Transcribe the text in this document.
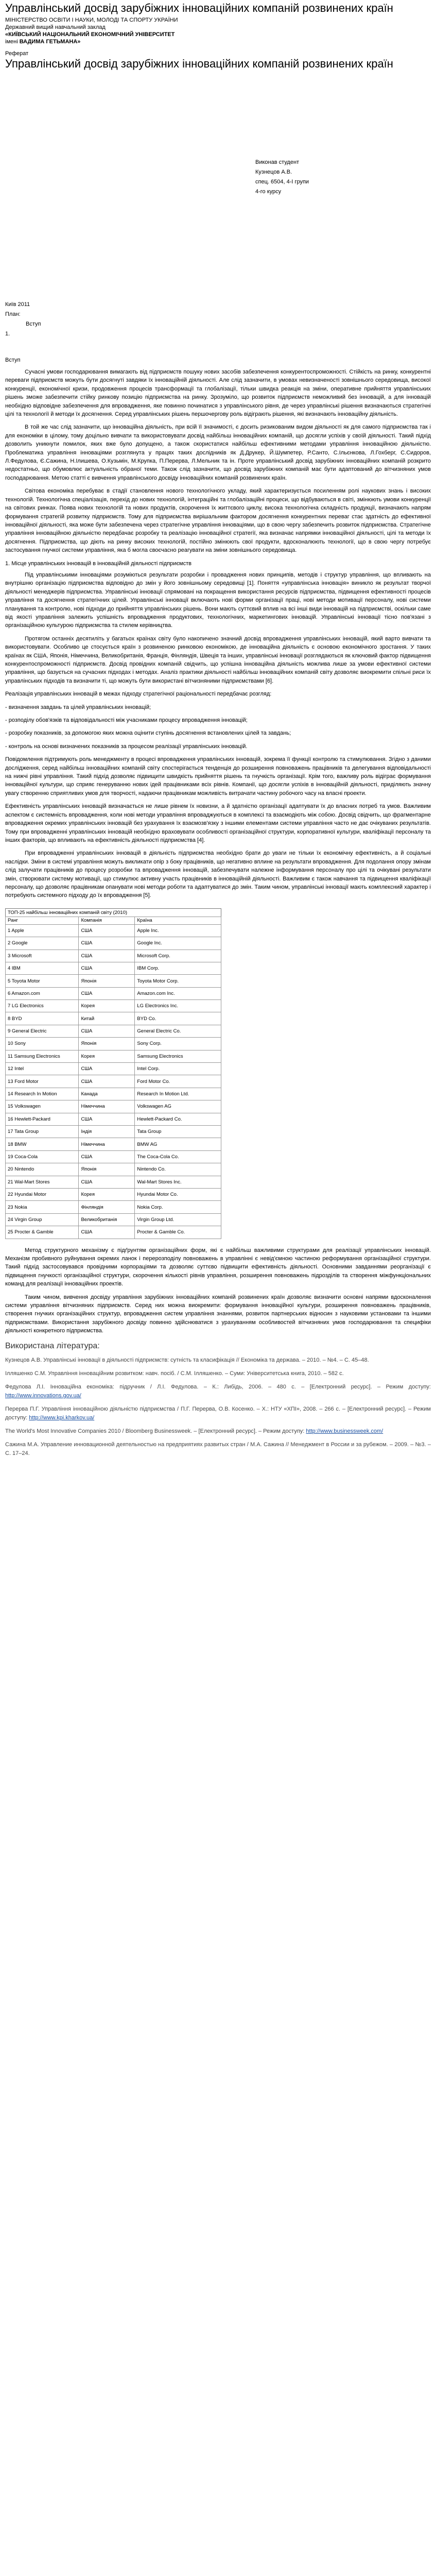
Управлінський досвід зарубіжних інноваційних компаній розвинених країн
МІНІСТЕРСТВО ОСВІТИ І НАУКИ, МОЛОДІ ТА СПОРТУ УКРАЇНИ
Державний вищий навчальний заклад
«КИЇВСЬКИЙ НАЦІОНАЛЬНИЙ ЕКОНОМІЧНИЙ УНІВЕРСИТЕТ
імені ВАДИМА ГЕТЬМАНА»
Реферат
Управлінський досвід зарубіжних інноваційних компаній розвинених країн
Виконав студент
Кузнецов А.В.
спец. 6504, 4-I групи
4-го курсу
Київ 2011
План:
Вступ
1.
Вступ

Сучасні умови господарювання вимагають від підприємств пошуку нових засобів забезпечення конкурентоспроможності. Стійкість на ринку, конкурентні переваги підприємств можуть бути досягнуті завдяки їх інноваційній діяльності. Але слід зазначити, в умовах невизначеності зовнішнього середовища, високої конкуренції, економічної кризи, продовження процесів трансформації та глобалізації, тільки швидка реакція на зміни, оперативне прийняття управлінських рішень зможе забезпечити стійку ринкову позицію підприємства на ринку. Зрозуміло, що розвиток підприємств неможливий без інновацій, а для інновацій необхідно відповідне забезпечення для впровадження, яке повинно починатися з управлінського рівня, де через управлінські рішення визначаються стратегічні цілі та технології й методи їх досягнення. Серед управлінських рішень першочергову роль відіграють рішення, які визначають інноваційну діяльність.

В той же час слід зазначити, що інноваційна діяльність, при всій її значимості, є досить ризикованим видом діяльності як для самого підприємства так і для економіки в цілому, тому доцільно вивчати та використовувати досвід найбільш інноваційних компаній, що досягли успіхів у своїй діяльності. Такий підхід дозволить уникнути помилок, яких вже було допущено, а також скористатися найбільш ефективними методами управління інноваційною діяльністю. Проблематика управління інноваціями розглянута у працях таких дослідників як Д.Друкер, Й.Шумпетер, Р.Санто, С.Ільєнкова, Л.Гохберг, С.Сидоров, Л.Федулова, Є.Сажина, Н.Ілишева, О.Кузьмін, М.Крупка, П.Перерва, Л.Мельник та ін. Проте управлінський досвід зарубіжних інноваційних компаній розкрито недостатньо, що обумовлює актуальність обраної теми. Також слід зазначити, що досвід зарубіжних компаній має бути адаптований до вітчизняних умов господарювання. Метою статті є вивчення управлінського досвіду інноваційних компаній розвинених країн.

Світова економіка перебуває в стадії становлення нового технологічного укладу, який характеризується посиленням ролі наукових знань і високих технологій. Технологічна спеціалізація, перехід до нових технологій, інтеграційні та глобалізаційні процеси, що відбуваються в світі, змінюють умови конкуренції на світових ринках. Поява нових технологій та нових продуктів, скорочення їх життєвого циклу, висока технологічна складність продукції, визначають напрям формування стратегій розвитку підприємств. Тому для підприємства вирішальним фактором досягнення конкурентних переваг стає здатність до ефективної інноваційної діяльності, яка може бути забезпечена через стратегічне управління інноваціями, що в свою чергу забезпечить розвиток підприємства. Стратегічне управління інноваційною діяльністю передбачає розробку та реалізацію інноваційної стратегії, яка визначає напрямки інноваційної діяльності, цілі та методи їх досягнення. Підприємства, що діють на ринку високих технологій, постійно змінюють свої продукти, вдосконалюють технології, що в свою чергу потребує застосування гнучкої системи управління, яка б могла своєчасно реагувати на зміни зовнішнього середовища.

1. Місце управлінських інновацій в інноваційній діяльності підприємств

Під управлінськими інноваціями розуміються результати розробки і провадження нових принципів, методів і структур управління, що впливають на внутрішню організацію підприємства відповідно до змін у його зовнішньому середовищі [1]. Поняття «управлінська інновація» виникло як результат творчої діяльності менеджерів підприємства. Управлінські інновації спрямовані на покращення використання ресурсів підприємства, підвищення ефективності процесів управління та досягнення стратегічних цілей. Управлінські інновації включають нові форми організації праці, нові методи мотивації персоналу, нові системи планування та контролю, нові підходи до прийняття управлінських рішень. Вони мають суттєвий вплив на всі інші види інновацій на підприємстві, оскільки саме від якості управління залежить успішність впровадження продуктових, технологічних, маркетингових інновацій. Управлінські інновації тісно пов'язані з організаційною культурою підприємства та стилем керівництва.

Протягом останніх десятиліть у багатьох країнах світу було накопичено значний досвід впровадження управлінських інновацій, який варто вивчати та використовувати. Особливо це стосується країн з розвиненою ринковою економікою, де інноваційна діяльність є основою економічного зростання. У таких країнах як США, Японія, Німеччина, Великобританія, Франція, Фінляндія, Швеція та інших, управлінські інновації розглядаються як ключовий фактор підвищення конкурентоспроможності підприємств. Досвід провідних компаній свідчить, що успішна інноваційна діяльність можлива лише за умови ефективної системи управління, що базується на сучасних підходах і методах. Аналіз практики діяльності найбільш інноваційних компаній світу дозволяє виокремити спільні риси їх управлінських підходів та визначити ті, що можуть бути використані вітчизняними підприємствами [6].

Реалізація управлінських інновацій в межах підходу стратегічної раціональності передбачає розгляд:

- визначення завдань та цілей управлінських інновацій;

- розподілу обов'язків та відповідальності між учасниками процесу впровадження інновацій;

- розробку показників, за допомогою яких можна оцінити ступінь досягнення встановлених цілей та завдань;

- контроль на основі визначених показників за процесом реалізації управлінських інновацій.

Повідомлення підтримують роль менеджменту в процесі впровадження управлінських інновацій, зокрема її функції контролю та стимулювання. Згідно з даними дослідження, серед найбільш інноваційних компаній світу спостерігається тенденція до розширення повноважень працівників та делегування відповідальності на нижчі рівні управління. Такий підхід дозволяє підвищити швидкість прийняття рішень та гнучкість організації. Крім того, важливу роль відіграє формування інноваційної культури, що сприяє генеруванню нових ідей працівниками всіх рівнів. Компанії, що досягли успіхів в інноваційній діяльності, приділяють значну увагу створенню сприятливих умов для творчості, надаючи працівникам можливість витрачати частину робочого часу на власні проекти.

Ефективність управлінських інновацій визначається не лише рівнем їх новизни, а й здатністю організації адаптувати їх до власних потреб та умов. Важливим аспектом є системність впровадження, коли нові методи управління впроваджуються в комплексі та взаємодіють між собою. Досвід свідчить, що фрагментарне впровадження окремих управлінських інновацій без урахування їх взаємозв'язку з іншими елементами системи управління часто не дає очікуваних результатів. Тому при впровадженні управлінських інновацій необхідно враховувати особливості організаційної структури, корпоративної культури, кваліфікації персоналу та інших факторів, що впливають на ефективність діяльності підприємства [4].

При впровадженні управлінських інновацій в діяльність підприємства необхідно брати до уваги не тільки їх економічну ефективність, а й соціальні наслідки. Зміни в системі управління можуть викликати опір з боку працівників, що негативно вплине на результати впровадження. Для подолання опору змінам слід залучати працівників до процесу розробки та впровадження інновацій, забезпечувати належне інформування персоналу про цілі та очікувані результати змін, створювати систему мотивації, що стимулює активну участь працівників в інноваційній діяльності. Важливим є також навчання та підвищення кваліфікації персоналу, що дозволяє працівникам опанувати нові методи роботи та адаптуватися до змін. Таким чином, управлінські інновації мають комплексний характер і потребують системного підходу до їх впровадження [5].

ТОП-25 найбільш інноваційних компаній світу (2010)
Ранг	Компанія	Країна
1 Apple	США	Apple Inc.
2 Google	США	Google Inc.
3 Microsoft	США	Microsoft Corp.
4 IBM	США	IBM Corp.
5 Toyota Motor	Японія	Toyota Motor Corp.
6 Amazon.com	США	Amazon.com Inc.
7 LG Electronics	Корея	LG Electronics Inc.
8 BYD	Китай	BYD Co.
9 General Electric	США	General Electric Co.
10 Sony	Японія	Sony Corp.
11 Samsung Electronics	Корея	Samsung Electronics
12 Intel	США	Intel Corp.
13 Ford Motor	США	Ford Motor Co.
14 Research In Motion	Канада	Research In Motion Ltd.
15 Volkswagen	Німеччина	Volkswagen AG
16 Hewlett-Packard	США	Hewlett-Packard Co.
17 Tata Group	Індія	Tata Group
18 BMW	Німеччина	BMW AG
19 Coca-Cola	США	The Coca-Cola Co.
20 Nintendo	Японія	Nintendo Co.
21 Wal-Mart Stores	США	Wal-Mart Stores Inc.
22 Hyundai Motor	Корея	Hyundai Motor Co.
23 Nokia	Фінляндія	Nokia Corp.
24 Virgin Group	Великобританія	Virgin Group Ltd.
25 Procter & Gamble	США	Procter & Gamble Co.

Метод структурного механізму є підґрунтям організаційних форм, які є найбільш важливими структурами для реалізації управлінських інновацій. Механізм пробивного руйнування окремих ланок і перерозподілу повноважень в управлінні є невід'ємною частиною реформування організаційної структури. Такий підхід застосовувався провідними корпораціями та дозволяє суттєво підвищити ефективність діяльності. Основними завданнями реорганізації є підвищення гнучкості організаційної структури, скорочення кількості рівнів управління, розширення повноважень підрозділів та створення міжфункціональних команд для реалізації інноваційних проектів.

Таким чином, вивчення досвіду управління зарубіжних інноваційних компаній розвинених країн дозволяє визначити основні напрями вдосконалення системи управління вітчизняних підприємств. Серед них можна виокремити: формування інноваційної культури, розширення повноважень працівників, створення гнучких організаційних структур, впровадження систем управління знаннями, розвиток партнерських відносин з науковими установами та іншими підприємствами. Використання зарубіжного досвіду повинно здійснюватися з урахуванням особливостей вітчизняних умов господарювання та специфіки діяльності конкретного підприємства.

Використана література:

Кузнецов А.В. Управлінські інновації в діяльності підприємств: сутність та класифікація // Економіка та держава. – 2010. – №4. – С. 45–48.

Ілляшенко С.М. Управління інноваційним розвитком: навч. посіб. / С.М. Ілляшенко. – Суми: Університетська книга, 2010. – 582 с.

Федулова Л.І. Інноваційна економіка: підручник / Л.І. Федулова. – К.: Либідь, 2006. – 480 с. – [Електронний ресурс]. – Режим доступу: http://www.innovations.gov.ua/

Перерва П.Г. Управління інноваційною діяльністю підприємства / П.Г. Перерва, О.В. Косенко. – Х.: НТУ «ХПІ», 2008. – 266 с. – [Електронний ресурс]. – Режим доступу: http://www.kpi.kharkov.ua/

The World's Most Innovative Companies 2010 / Bloomberg Businessweek. – [Електронний ресурс]. – Режим доступу: http://www.businessweek.com/

Сажина М.А. Управление инновационной деятельностью на предприятиях развитых стран / М.А. Сажина // Менеджмент в России и за рубежом. – 2009. – №3. – С. 17–24.
